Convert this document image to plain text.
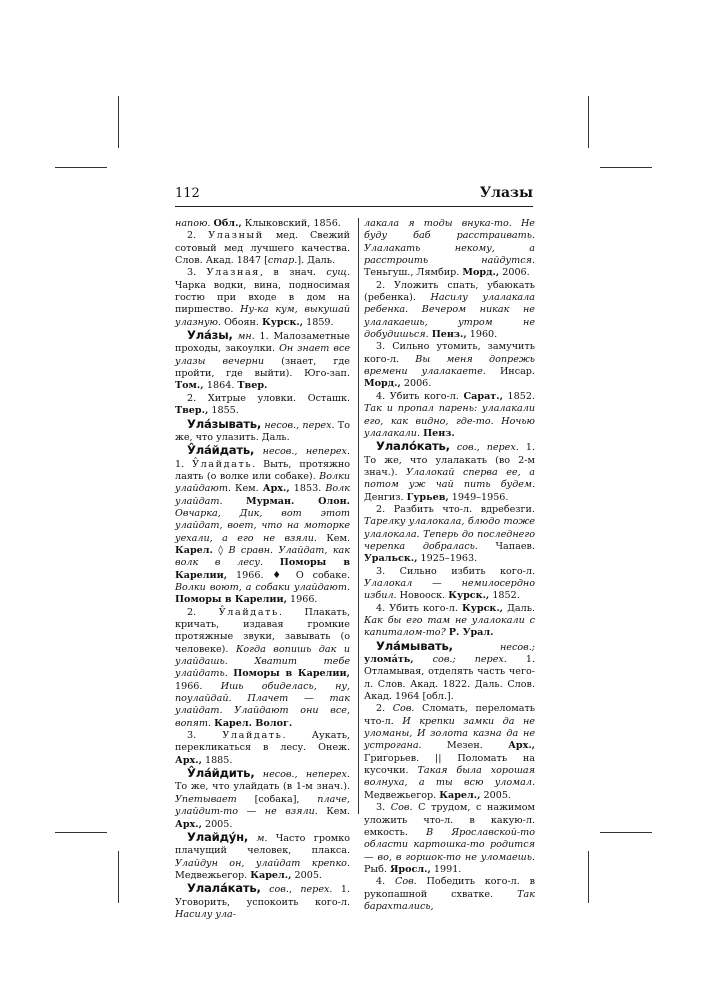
112	Улазы

напою. Обл., Клыковский, 1856.

2. Улазный мед. Свежий сотовый мед лучшего качества. Слов. Акад. 1847 [стар.]. Даль.

3. Улазная, в знач. сущ. Чарка водки, вина, подносимая гостю при входе в дом на пиршество. Ну-ка кум, выкушай улазную. Обоян. Курск., 1859.

Ула́зы, мн. 1. Малозаметные проходы, закоулки. Он знает все улазы вечерни (знает, где пройти, где выйти). Юго-зап. Том., 1864. Твер.

2. Хитрые уловки. Осташк. Твер., 1855.

Ула́зывать, несов., перех. То же, что улазить. Даль.

У̂ла́йдать, несов., неперех. 1. У̂лайдать. Выть, протяжно лаять (о волке или собаке). Волки улайдают. Кем. Арх., 1853. Волк улайдат. Мурман. Олон. Овчарка, Дик, вот этот улайдат, воет, что на моторке уехали, а его не взяли. Кем. Карел. ◊ В сравн. Улайдат, как волк в лесу. Поморы в Карелии, 1966. ♦ О собаке. Волки воют, а собаки улайдают. Поморы в Карелии, 1966.

2. У̂лайдать. Плакать, кричать, издавая громкие протяжные звуки, завывать (о человеке). Когда вопишь дак и улайдашь. Хватит тебе улайдать. Поморы в Карелии, 1966. Ишь обиделась, ну, поулайдай. Плачет — так улайдат. Улайдают они все, вопят. Карел. Волог.

3. Улайдать. Аукать, перекликаться в лесу. Онеж. Арх., 1885.

У̂ла́йдить, несов., неперех. То же, что улайдать (в 1-м знач.). Упетывает [собака], плаче, улайдит-то — не взяли. Кем. Арх., 2005.

Улайду́н, м. Часто громко плачущий человек, плакса. Улайдун он, улайдат крепко. Медвежьегор. Карел., 2005.

Улала́кать, сов., перех. 1. Уговорить, успокоить кого-л. Насилу ула-

лакала я тоды внука-то. Не буду баб расстраивать. Улалакать некому, а расстроить найдутся. Теньгуш., Лямбир. Морд., 2006.

2. Уложить спать, убаюкать (ребенка). Насилу улалакала ребенка. Вечером никак не улалакаешь, утром не добудишься. Пенз., 1960.

3. Сильно утомить, замучить кого-л. Вы меня допрежь времени улалакаете. Инсар. Морд., 2006.

4. Убить кого-л. Сарат., 1852. Так и пропал парень: улалакали его, как видно, где-то. Ночью улалакали. Пенз.

Улало́кать, сов., перех. 1. То же, что улалакать (во 2-м знач.). Улалокай сперва ее, а потом уж чай пить будем. Денгиз. Гурьев, 1949–1956.

2. Разбить что-л. вдребезги. Тарелку улалокала, блюдо тоже улалокала. Теперь до последнего черепка добралась. Чапаев. Уральск., 1925–1963.

3. Сильно избить кого-л. Улалокал — немилосердно избил. Новооск. Курск., 1852.

4. Убить кого-л. Курск., Даль. Как бы его там не улалокали с капиталом-то? Р. Урал.

Ула́мывать,	несов.; улома́ть, сов.; перех. 1. Отламывая, отделять часть чего-л. Слов. Акад. 1822. Даль. Слов. Акад. 1964 [обл.].

2. Сов. Сломать, переломать что-л. И крепки замки да не уломаны, И золота казна да не устрогана. Мезен. Арх., Григорьев. || Поломать на кусочки. Такая была хорошая волнуха, а ты всю уломал. Медвежьегор. Карел., 2005.

3. Сов. С трудом, с нажимом уложить что-л. в какую-л. емкость. В Ярославской-то области картошка-то родится — во, в горшок-то не уломаешь. Рыб. Яросл., 1991.

4. Сов. Победить кого-л. в рукопашной схватке. Так барахтались,
